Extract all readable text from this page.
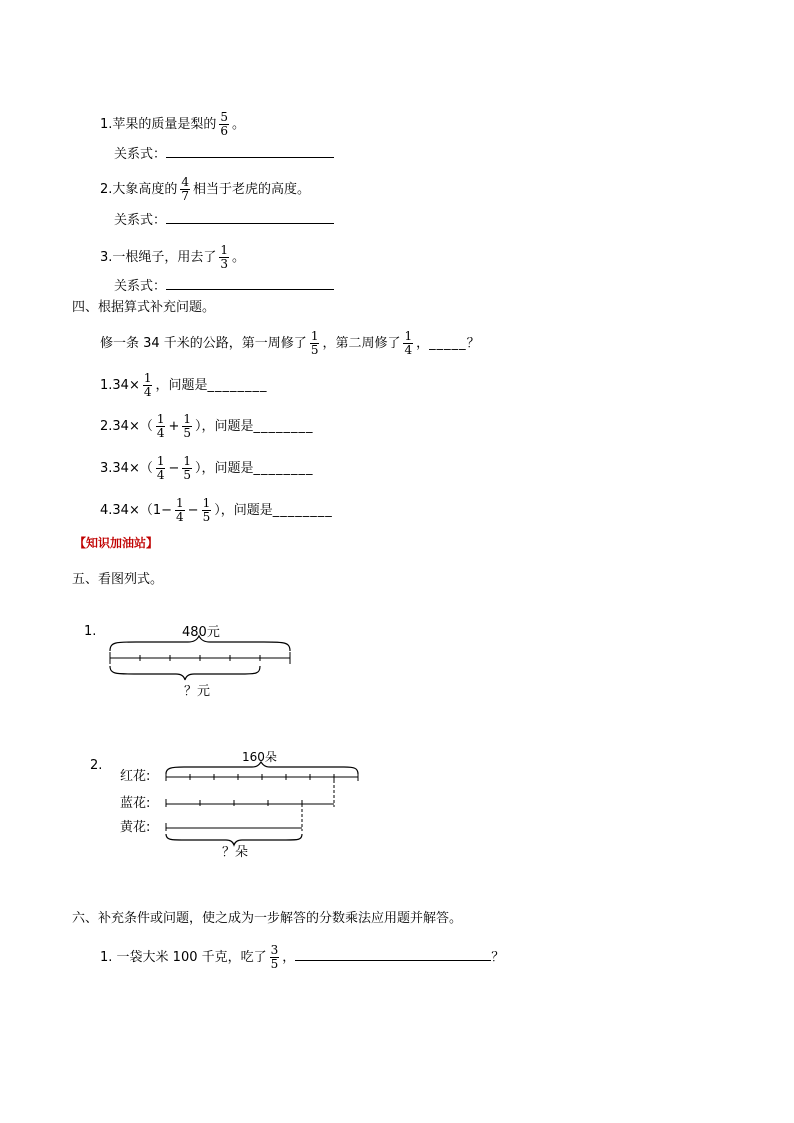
1.苹果的质量是梨的 $\frac{5}{6}$ 。
关系式：
2.大象高度的 $\frac{4}{7}$ 相当于老虎的高度。
关系式：
3.一根绳子，用去了 $\frac{1}{3}$ 。
关系式：
四、根据算式补充问题。
修一条 34 千米的公路，第一周修了 $\frac{1}{5}$ ，第二周修了 $\frac{1}{4}$ ，_____？
$1.34\times \frac{1}{4}$ ，问题是________
$2.34\times( \frac{1}{4} + \frac{1}{5}$ ），问题是________
$3.34\times( \frac{1}{4} - \frac{1}{5}$ ），问题是________
$4.34\times(1- \frac{1}{4} - \frac{1}{5}$ ），问题是________
【知识加油站】
五、看图列式。
1.	480元
？元
2.
160朵
红花:
蓝花:
黄花:
？朵
六、补充条件或问题，使之成为一步解答的分数乘法应用题并解答。
1. 一袋大米 100 千克，吃了 $\frac{3}{5}$ ，	？
